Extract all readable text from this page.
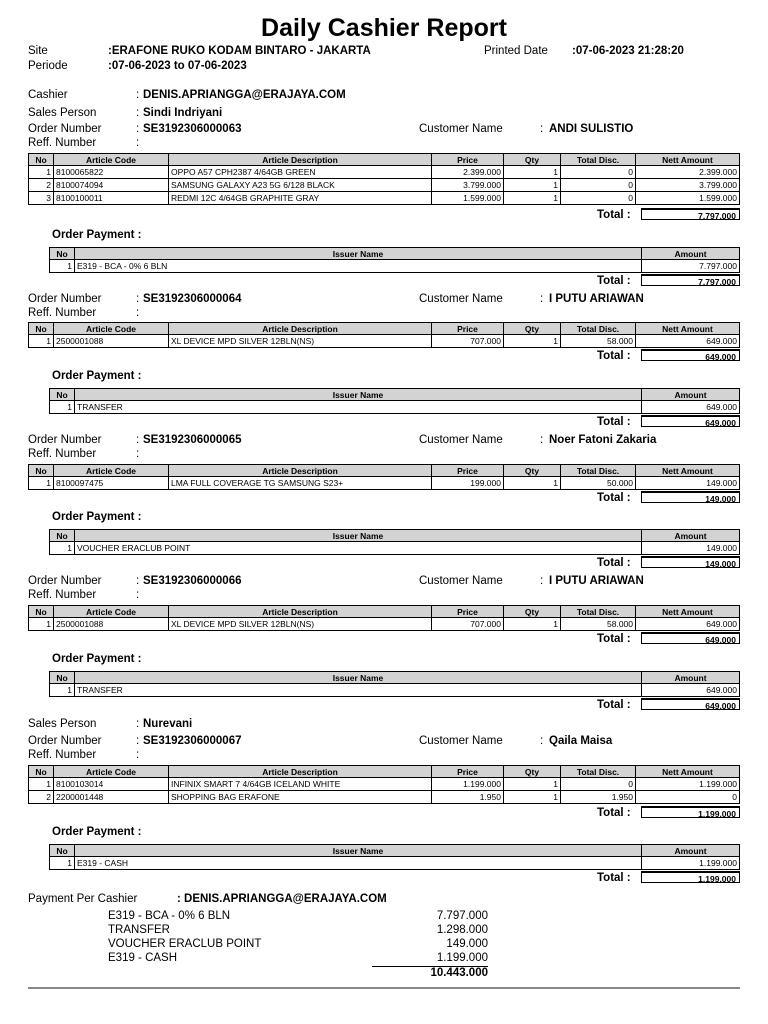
Daily Cashier Report
Site	:ERAFONE RUKO KODAM BINTARO - JAKARTA	Printed Date :07-06-2023 21:28:20
Periode	:07-06-2023 to 07-06-2023
Cashier	: DENIS.APRIANGGA@ERAJAYA.COM
Sales Person	: Sindi Indriyani
Order Number	: SE3192306000063	Customer Name	: ANDI SULISTIO
Reff. Number	:
No	Article Code	Article Description	Price	Qty	Total Disc.	Nett Amount
1	8100065822	OPPO A57 CPH2387 4/64GB GREEN	2.399.000	1	0	2.399.000
2	8100074094	SAMSUNG GALAXY A23 5G 6/128 BLACK	3.799.000	1	0	3.799.000
3	8100100011	REDMI 12C 4/64GB GRAPHITE GRAY	1.599.000	1	0	1.599.000
Total :	7.797.000
Order Payment :
No	Issuer Name	Amount
1	E319 - BCA - 0% 6 BLN	7.797.000
Total :	7.797.000
Order Number	: SE3192306000064	Customer Name	: I PUTU ARIAWAN
Reff. Number	:
No	Article Code	Article Description	Price	Qty	Total Disc.	Nett Amount
1	2500001088	XL DEVICE MPD SILVER 12BLN(NS)	707.000	1	58.000	649.000
Total :	649.000
Order Payment :
No	Issuer Name	Amount
1	TRANSFER	649.000
Total :	649.000
Order Number	: SE3192306000065	Customer Name	: Noer Fatoni Zakaria
Reff. Number	:
No	Article Code	Article Description	Price	Qty	Total Disc.	Nett Amount
1	8100097475	LMA FULL COVERAGE TG SAMSUNG S23+	199.000	1	50.000	149.000
Total :	149.000
Order Payment :
No	Issuer Name	Amount
1	VOUCHER ERACLUB POINT	149.000
Total :	149.000
Order Number	: SE3192306000066	Customer Name	: I PUTU ARIAWAN
Reff. Number	:
No	Article Code	Article Description	Price	Qty	Total Disc.	Nett Amount
1	2500001088	XL DEVICE MPD SILVER 12BLN(NS)	707.000	1	58.000	649.000
Total :	649.000
Order Payment :
No	Issuer Name	Amount
1	TRANSFER	649.000
Total :	649.000
Sales Person	: Nurevani
Order Number	: SE3192306000067	Customer Name	: Qaila Maisa
Reff. Number	:
No	Article Code	Article Description	Price	Qty	Total Disc.	Nett Amount
1	8100103014	INFINIX SMART 7 4/64GB ICELAND WHITE	1.199.000	1	0	1.199.000
2	2200001448	SHOPPING BAG ERAFONE	1.950	1	1.950	0
Total :	1.199.000
Order Payment :
No	Issuer Name	Amount
1	E319 - CASH	1.199.000
Total :	1.199.000
Payment Per Cashier	: DENIS.APRIANGGA@ERAJAYA.COM
E319 - BCA - 0% 6 BLN	7.797.000
TRANSFER	1.298.000
VOUCHER ERACLUB POINT	149.000
E319 - CASH	1.199.000
10.443.000
